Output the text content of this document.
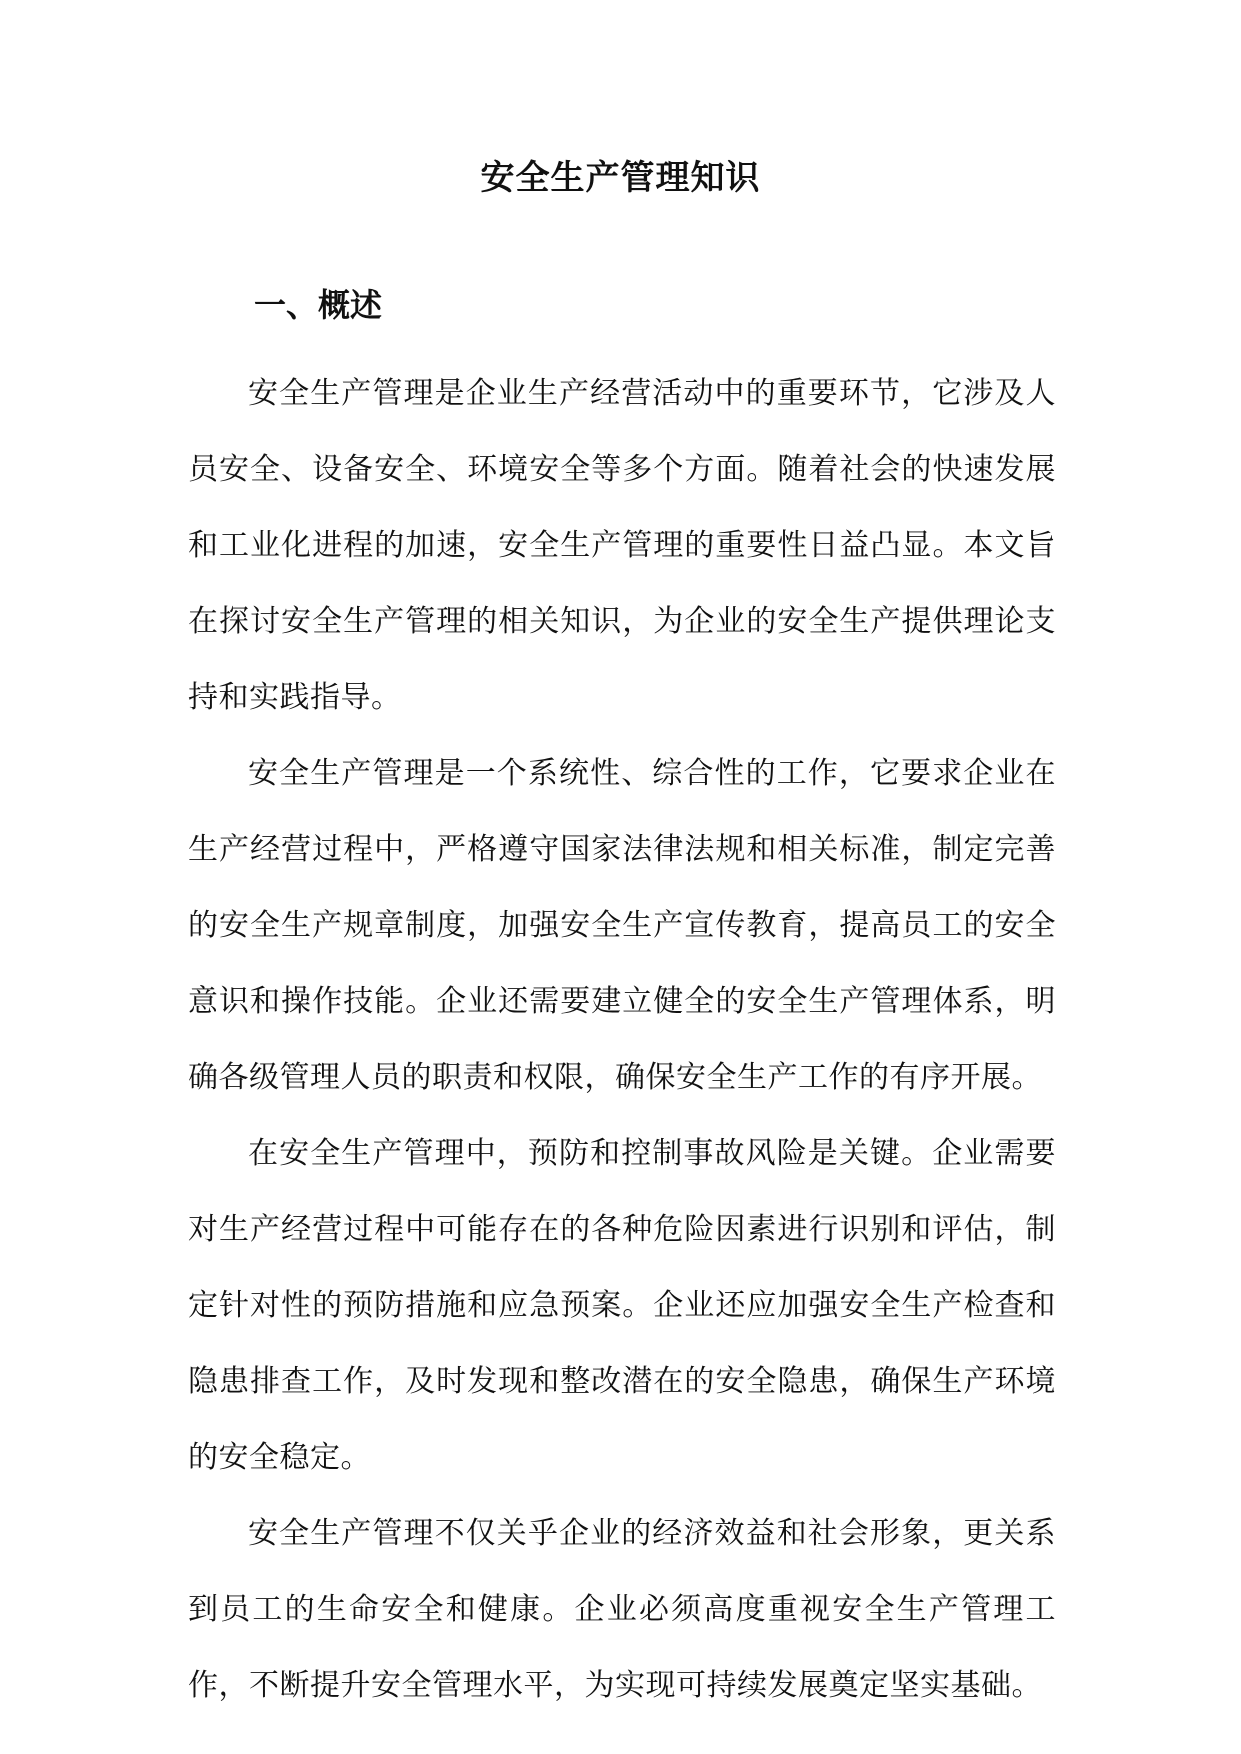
安全生产管理知识
一、概述

安全生产管理是企业生产经营活动中的重要环节，它涉及人员安全、设备安全、环境安全等多个方面。随着社会的快速发展和工业化进程的加速，安全生产管理的重要性日益凸显。本文旨在探讨安全生产管理的相关知识，为企业的安全生产提供理论支持和实践指导。

安全生产管理是一个系统性、综合性的工作，它要求企业在生产经营过程中，严格遵守国家法律法规和相关标准，制定完善的安全生产规章制度，加强安全生产宣传教育，提高员工的安全意识和操作技能。企业还需要建立健全的安全生产管理体系，明确各级管理人员的职责和权限，确保安全生产工作的有序开展。

在安全生产管理中，预防和控制事故风险是关键。企业需要对生产经营过程中可能存在的各种危险因素进行识别和评估，制定针对性的预防措施和应急预案。企业还应加强安全生产检查和隐患排查工作，及时发现和整改潜在的安全隐患，确保生产环境的安全稳定。

安全生产管理不仅关乎企业的经济效益和社会形象，更关系到员工的生命安全和健康。企业必须高度重视安全生产管理工作，不断提升安全管理水平，为实现可持续发展奠定坚实基础。
